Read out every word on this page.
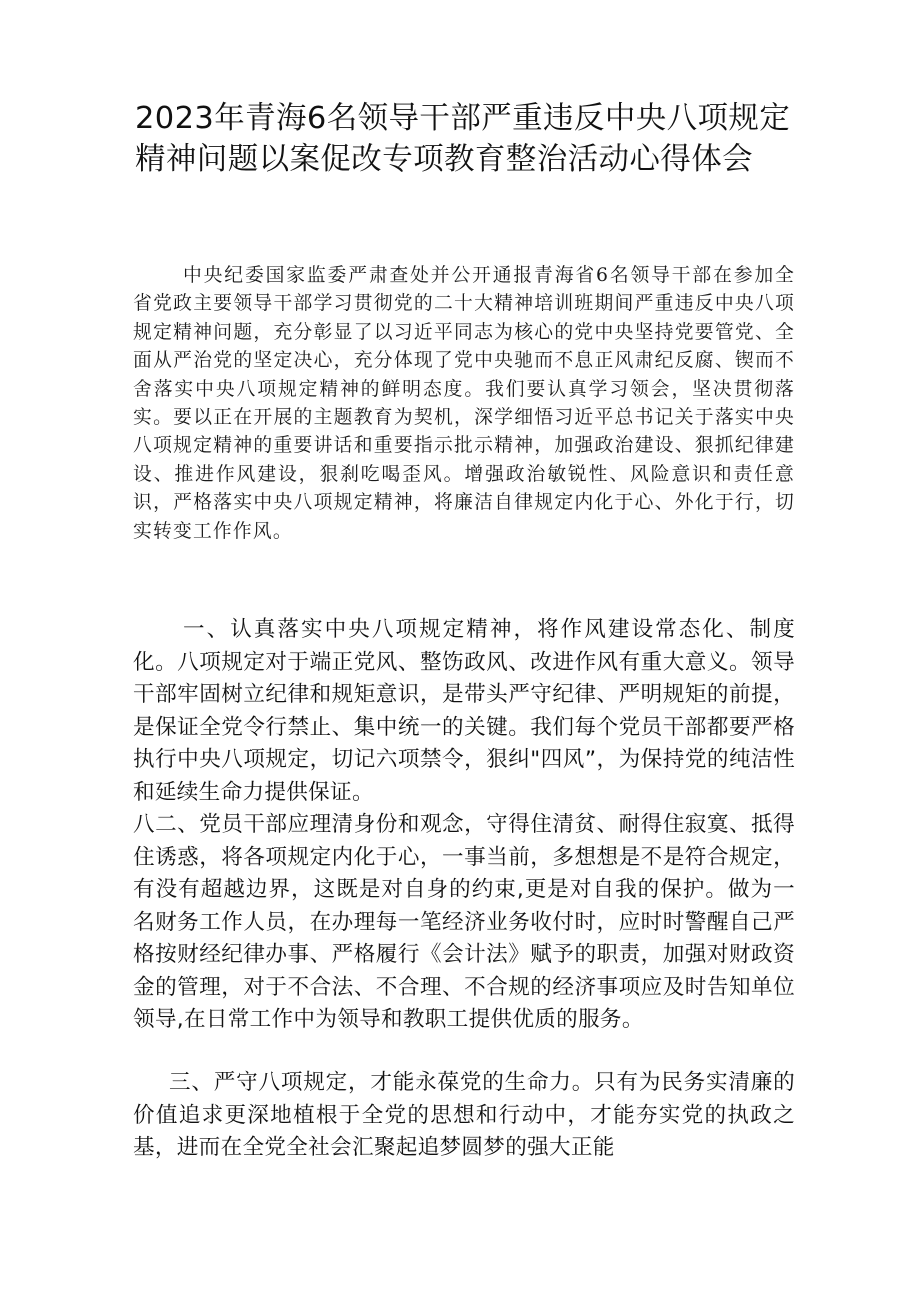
2023年青海6名领导干部严重违反中央八项规定精神问题以案促改专项教育整治活动心得体会

中央纪委国家监委严肃查处并公开通报青海省6名领导干部在参加全省党政主要领导干部学习贯彻党的二十大精神培训班期间严重违反中央八项规定精神问题，充分彰显了以习近平同志为核心的党中央坚持党要管党、全面从严治党的坚定决心，充分体现了党中央驰而不息正风肃纪反腐、锲而不舍落实中央八项规定精神的鲜明态度。我们要认真学习领会，坚决贯彻落实。要以正在开展的主题教育为契机，深学细悟习近平总书记关于落实中央八项规定精神的重要讲话和重要指示批示精神，加强政治建设、狠抓纪律建设、推进作风建设，狠刹吃喝歪风。增强政治敏锐性、风险意识和责任意识，严格落实中央八项规定精神，将廉洁自律规定内化于心、外化于行，切实转变工作作风。

一、认真落实中央八项规定精神，将作风建设常态化、制度化。八项规定对于端正党风、整饬政风、改进作风有重大意义。领导干部牢固树立纪律和规矩意识，是带头严守纪律、严明规矩的前提，是保证全党令行禁止、集中统一的关键。我们每个党员干部都要严格执行中央八项规定，切记六项禁令，狠纠"四风”，为保持党的纯洁性和延续生命力提供保证。

八二、党员干部应理清身份和观念，守得住清贫、耐得住寂寞、抵得住诱惑，将各项规定内化于心，一事当前，多想想是不是符合规定，有没有超越边界，这既是对自身的约束,更是对自我的保护。做为一名财务工作人员，在办理每一笔经济业务收付时，应时时警醒自己严格按财经纪律办事、严格履行《会计法》赋予的职责，加强对财政资金的管理，对于不合法、不合理、不合规的经济事项应及时告知单位领导,在日常工作中为领导和教职工提供优质的服务。

三、严守八项规定，才能永葆党的生命力。只有为民务实清廉的价值追求更深地植根于全党的思想和行动中，才能夯实党的执政之基，进而在全党全社会汇聚起追梦圆梦的强大正能
